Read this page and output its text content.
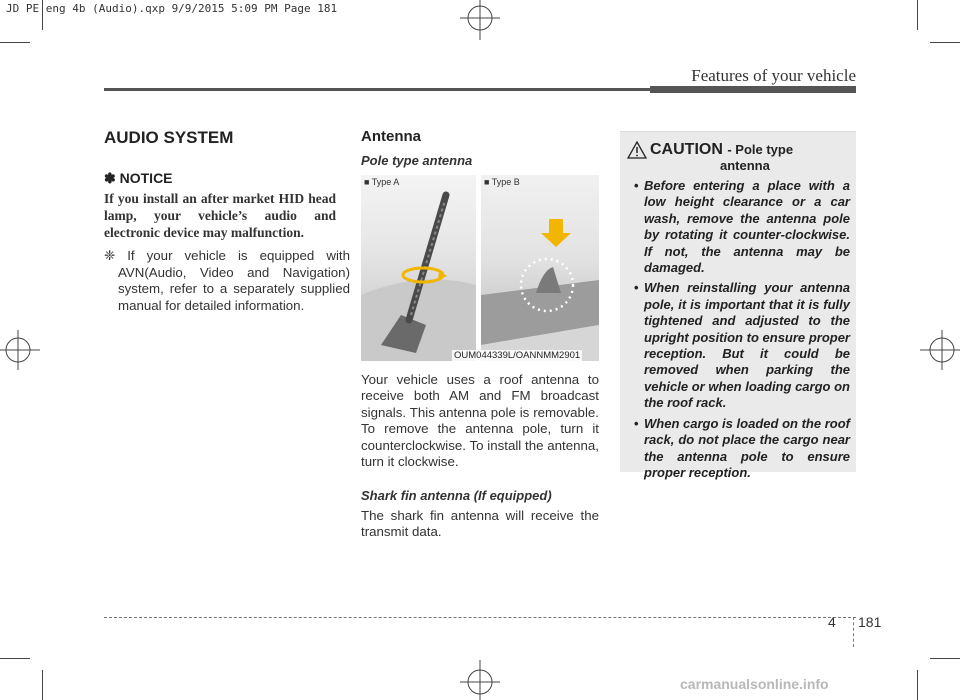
JD PE eng 4b (Audio).qxp 9/9/2015 5:09 PM Page 181
Features of your vehicle
AUDIO SYSTEM
✽ NOTICE
If you install an after market HID head lamp, your vehicle’s audio and electronic device may malfunction.
❈ If your vehicle is equipped with AVN(Audio, Video and Navigation) system, refer to a separately supplied manual for detailed information.
Antenna
Pole type antenna
■ Type A	■ Type B
OUM044339L/OANNMM2901
Your vehicle uses a roof antenna to receive both AM and FM broadcast signals. This antenna pole is removable. To remove the antenna pole, turn it counterclockwise. To install the antenna, turn it clockwise.
Shark fin antenna (If equipped)
The shark fin antenna will receive the transmit data.
CAUTION - Pole type
antenna
• Before entering a place with a low height clearance or a car wash, remove the antenna pole by rotating it counter-clockwise. If not, the antenna may be damaged.
• When reinstalling your antenna pole, it is important that it is fully tightened and adjusted to the upright position to ensure proper reception. But it could be removed when parking the vehicle or when loading cargo on the roof rack.
• When cargo is loaded on the roof rack, do not place the cargo near the antenna pole to ensure proper reception.
4 181
carmanualsonline.info
